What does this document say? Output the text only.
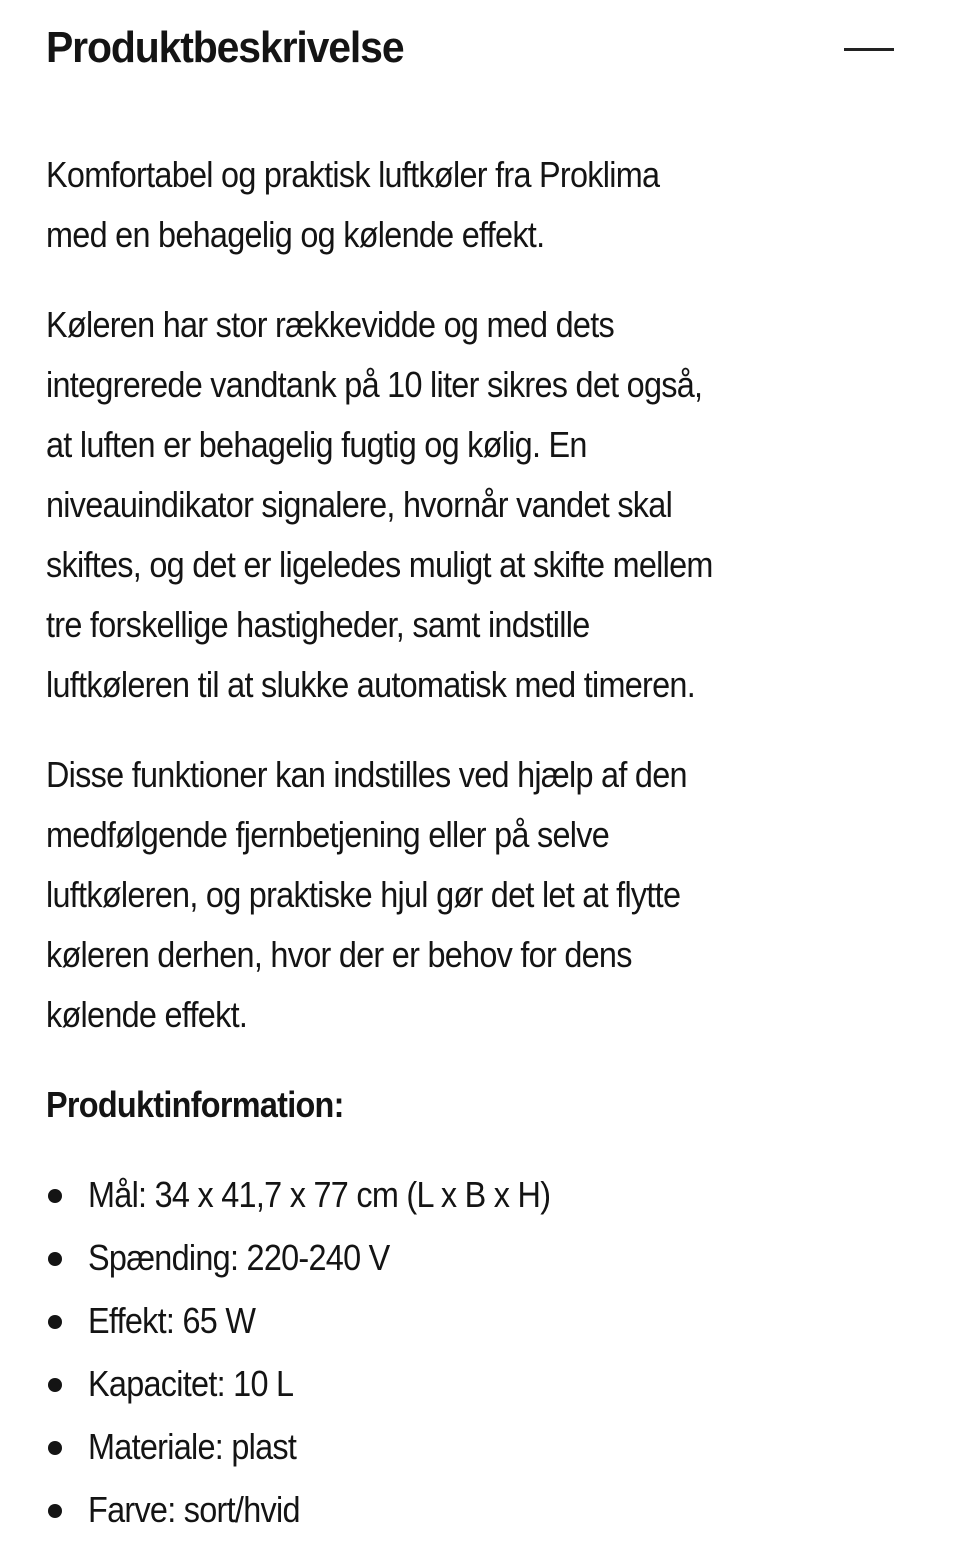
Produktbeskrivelse
Komfortabel og praktisk luftkøler fra Proklima
med en behagelig og kølende effekt.
Køleren har stor rækkevidde og med dets
integrerede vandtank på 10 liter sikres det også,
at luften er behagelig fugtig og kølig. En
niveauindikator signalere, hvornår vandet skal
skiftes, og det er ligeledes muligt at skifte mellem
tre forskellige hastigheder, samt indstille
luftkøleren til at slukke automatisk med timeren.
Disse funktioner kan indstilles ved hjælp af den
medfølgende fjernbetjening eller på selve
luftkøleren, og praktiske hjul gør det let at flytte
køleren derhen, hvor der er behov for dens
kølende effekt.
Produktinformation:
Mål: 34 x 41,7 x 77 cm (L x B x H)
Spænding: 220-240 V
Effekt: 65 W
Kapacitet: 10 L
Materiale: plast
Farve: sort/hvid
